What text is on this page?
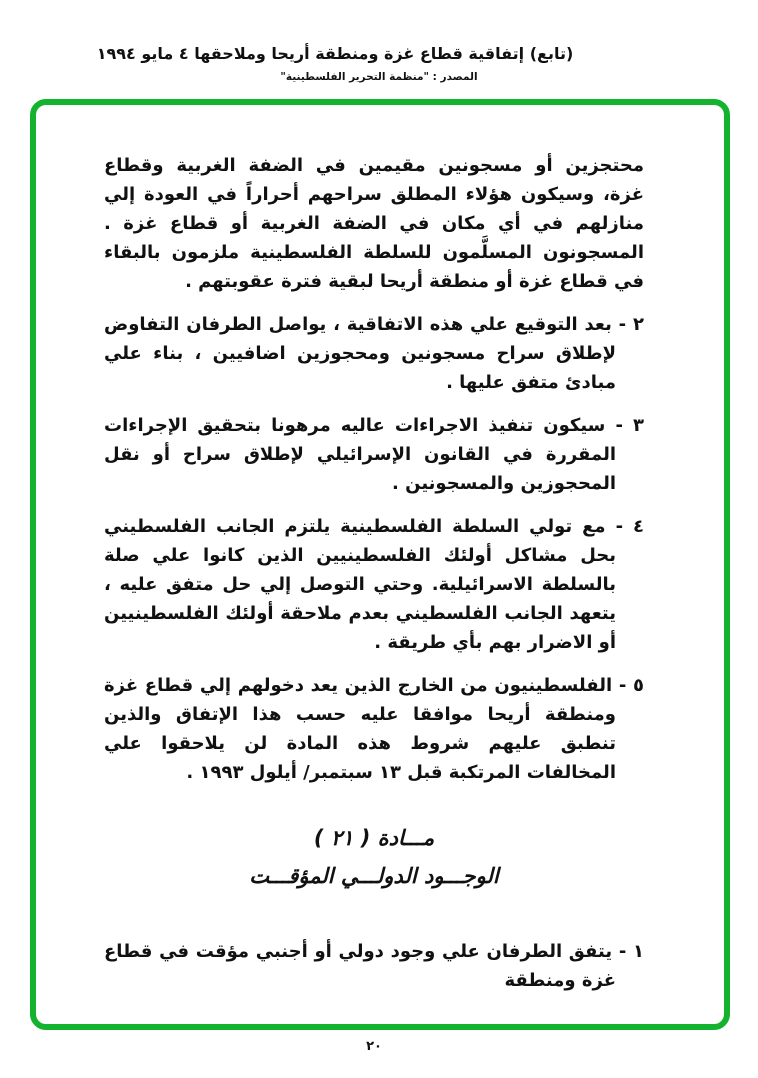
(تابع) إتفاقية قطاع غزة ومنطقة أريحا وملاحقها ٤ مايو ١٩٩٤
المصدر : "منظمة التحرير الفلسطينية"

محتجزين أو مسجونين مقيمين في الضفة الغربية وقطاع غزة، وسيكون هؤلاء المطلق سراحهم أحراراً في العودة إلي منازلهم في أي مكان في الضفة الغربية أو قطاع غزة . المسجونون المسلَّمون للسلطة الفلسطينية ملزمون بالبقاء في قطاع غزة أو منطقة أريحا لبقية فترة عقوبتهم .

٢ - بعد التوقيع علي هذه الاتفاقية ، يواصل الطرفان التفاوض لإطلاق سراح مسجونين ومحجوزين اضافيين ، بناء علي مبادئ متفق عليها .

٣ - سيكون تنفيذ الاجراءات عاليه مرهونا بتحقيق الإجراءات المقررة في القانون الإسرائيلي لإطلاق سراح أو نقل المحجوزين والمسجونين .

٤ - مع تولي السلطة الفلسطينية يلتزم الجانب الفلسطيني بحل مشاكل أولئك الفلسطينيين الذين كانوا علي صلة بالسلطة الاسرائيلية. وحتي التوصل إلي حل متفق عليه ، يتعهد الجانب الفلسطيني بعدم ملاحقة أولئك الفلسطينيين أو الاضرار بهم بأي طريقة .

٥ - الفلسطينيون من الخارج الذين يعد دخولهم إلي قطاع غزة ومنطقة أريحا موافقا عليه حسب هذا الإتفاق والذين تنطبق عليهم شروط هذه المادة لن يلاحقوا علي المخالفات المرتكبة قبل ١٣ سبتمبر/ أيلول ١٩٩٣ .

مـــادة ( ٢١ )
الوجـــود الدولـــي المؤقـــت

١ - يتفق الطرفان علي وجود دولي أو أجنبي مؤقت في قطاع غزة ومنطقة

٢٠
